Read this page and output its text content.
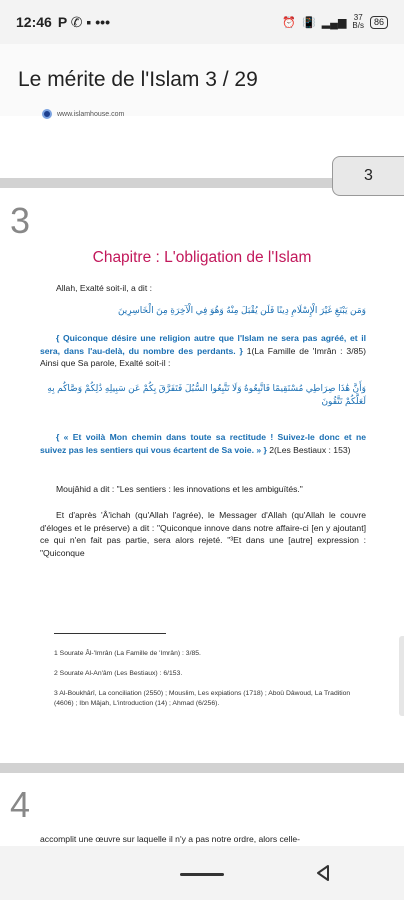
12:46 P ✆ ▪ •••	⏰ 📳 ▂▄▆ 37
B/s	86
Le mérite de l'Islam 3 / 29
www.islamhouse.com
3
3
Chapitre : L'obligation de l'Islam
Allah, Exalté soit-il, a dit :
وَمَن يَبْتَغِ غَيْرَ الْإِسْلَامِ دِينًا فَلَن يُقْبَلَ مِنْهُ وَهُوَ فِي الْآخِرَةِ مِنَ الْخَاسِرِينَ
{ Quiconque désire une religion autre que l'Islam ne sera pas agréé, et il sera, dans l'au-delà, du nombre des perdants. } 1(La Famille de 'Imrân : 3/85) Ainsi que Sa parole, Exalté soit-il :
وَأَنَّ هَٰذَا صِرَاطِي مُسْتَقِيمًا فَاتَّبِعُوهُ وَلَا تَتَّبِعُوا السُّبُلَ فَتَفَرَّقَ بِكُمْ عَن سَبِيلِهِ ذَٰلِكُمْ وَصَّاكُم بِهِ لَعَلَّكُمْ تَتَّقُونَ
{ « Et voilà Mon chemin dans toute sa rectitude ! Suivez-le donc et ne suivez pas les sentiers qui vous écartent de Sa voie. » } 2(Les Bestiaux : 153)
Moujâhid a dit : "Les sentiers : les innovations et les ambiguïtés."
Et d'après 'Â'ichah (qu'Allah l'agrée), le Messager d'Allah (qu'Allah le couvre d'éloges et le préserve) a dit : "Quiconque innove dans notre affaire-ci [en y ajoutant] ce qui n'en fait pas partie, sera alors rejeté. "³Et dans une [autre] expression : "Quiconque
1 Sourate Âl-'Imrân (La Famille de 'Imrân) : 3/85.
2 Sourate Al-An'âm (Les Bestiaux) : 6/153.
3 Al-Boukhârî, La conciliation (2550) ; Mouslim, Les expiations (1718) ; Aboû Dâwoud, La Tradition (4606) ; Ibn Mâjah, L'introduction (14) ; Ahmad (6/256).
4
accomplit une œuvre sur laquelle il n'y a pas notre ordre, alors celle-
